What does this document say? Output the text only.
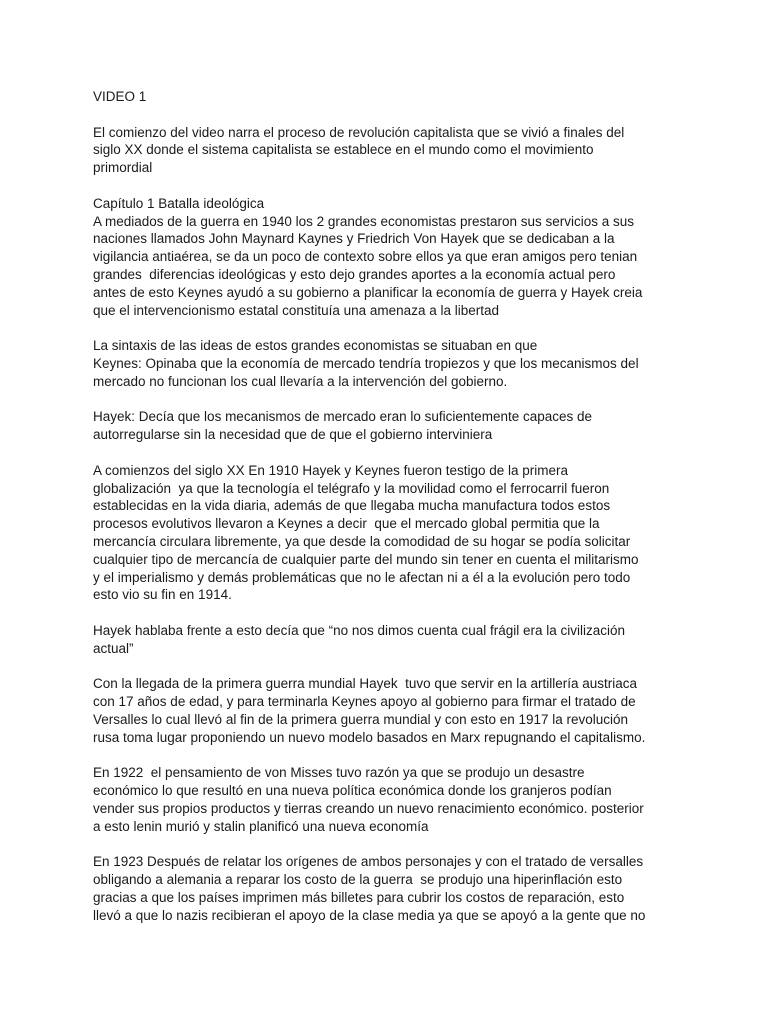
VIDEO 1

El comienzo del video narra el proceso de revolución capitalista que se vivió a finales del
siglo XX donde el sistema capitalista se establece en el mundo como el movimiento
primordial

Capítulo 1 Batalla ideológica
A mediados de la guerra en 1940 los 2 grandes economistas prestaron sus servicios a sus
naciones llamados John Maynard Kaynes y Friedrich Von Hayek que se dedicaban a la
vigilancia antiaérea, se da un poco de contexto sobre ellos ya que eran amigos pero tenian
grandes  diferencias ideológicas y esto dejo grandes aportes a la economía actual pero
antes de esto Keynes ayudó a su gobierno a planificar la economía de guerra y Hayek creia
que el intervencionismo estatal constituía una amenaza a la libertad

La sintaxis de las ideas de estos grandes economistas se situaban en que
Keynes: Opinaba que la economía de mercado tendría tropiezos y que los mecanismos del
mercado no funcionan los cual llevaría a la intervención del gobierno.

Hayek: Decía que los mecanismos de mercado eran lo suficientemente capaces de
autorregularse sin la necesidad que de que el gobierno interviniera

A comienzos del siglo XX En 1910 Hayek y Keynes fueron testigo de la primera
globalización  ya que la tecnología el telégrafo y la movilidad como el ferrocarril fueron
establecidas en la vida diaria, además de que llegaba mucha manufactura todos estos
procesos evolutivos llevaron a Keynes a decir  que el mercado global permitia que la
mercancía circulara libremente, ya que desde la comodidad de su hogar se podía solicitar
cualquier tipo de mercancía de cualquier parte del mundo sin tener en cuenta el militarismo
y el imperialismo y demás problemáticas que no le afectan ni a él a la evolución pero todo
esto vio su fin en 1914.

Hayek hablaba frente a esto decía que “no nos dimos cuenta cual frágil era la civilización
actual”

Con la llegada de la primera guerra mundial Hayek  tuvo que servir en la artillería austriaca
con 17 años de edad, y para terminarla Keynes apoyo al gobierno para firmar el tratado de
Versalles lo cual llevó al fin de la primera guerra mundial y con esto en 1917 la revolución
rusa toma lugar proponiendo un nuevo modelo basados en Marx repugnando el capitalismo.

En 1922  el pensamiento de von Misses tuvo razón ya que se produjo un desastre
económico lo que resultó en una nueva política económica donde los granjeros podían
vender sus propios productos y tierras creando un nuevo renacimiento económico. posterior
a esto lenin murió y stalin planificó una nueva economía

En 1923 Después de relatar los orígenes de ambos personajes y con el tratado de versalles
obligando a alemania a reparar los costo de la guerra  se produjo una hiperinflación esto
gracias a que los países imprimen más billetes para cubrir los costos de reparación, esto
llevó a que lo nazis recibieran el apoyo de la clase media ya que se apoyó a la gente que no
